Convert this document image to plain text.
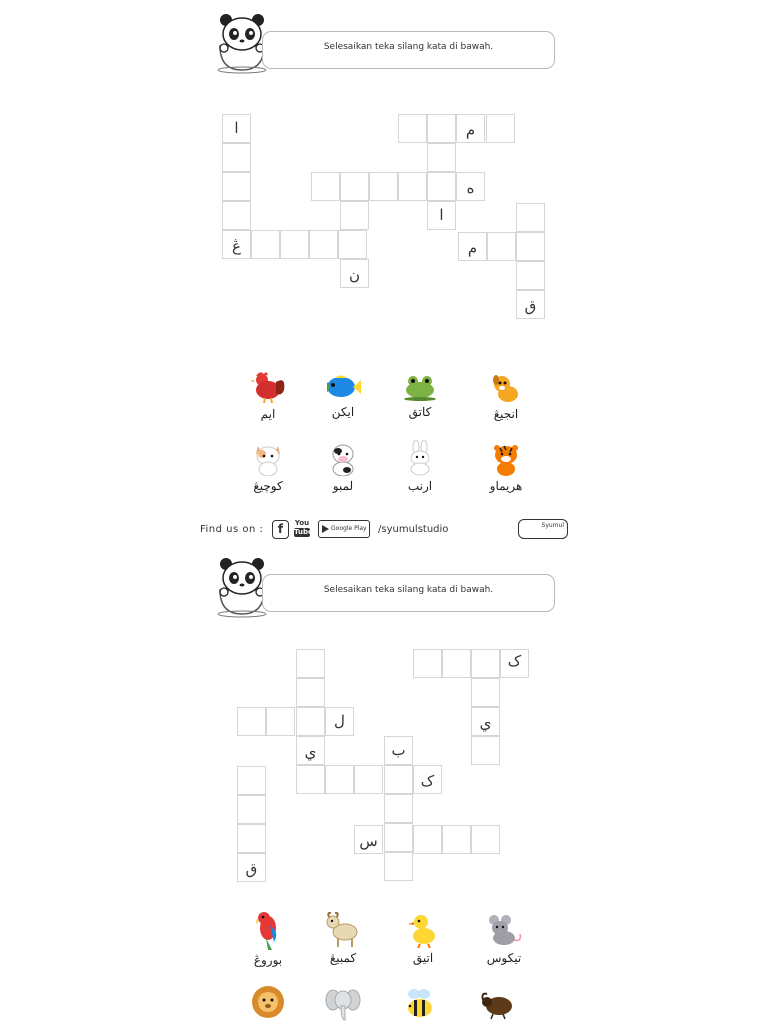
Selesaikan teka silang kata di bawah.
ا	م
ه
ا
ڠ	م
ن
ق
ايم	ايکن	کاتق	انجيڠ
کوچيڠ	لمبو	ارنب	هريماو
Find us on :	f	You
Tube	Google Play	/syumulstudio	Syumul
Selesaikan teka silang kata di bawah.
ک
ل	ي
ي	ب
ک
س
ق
بوروڠ	کمبيڠ	اتيق	تيکوس
